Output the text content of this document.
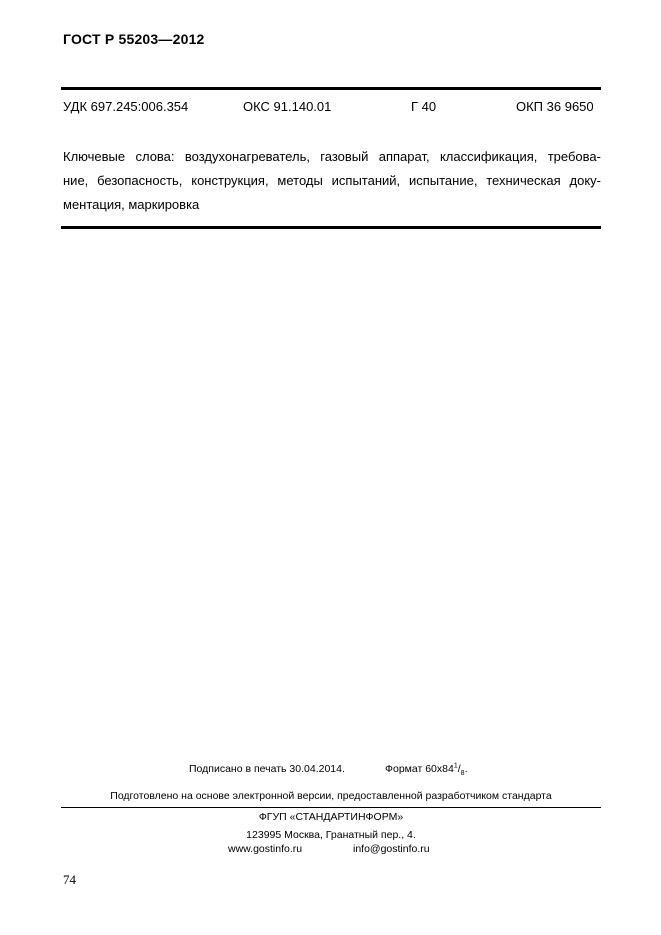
ГОСТ Р 55203—2012
УДК 697.245:006.354	ОКС 91.140.01	Г 40	ОКП 36 9650
Ключевые слова: воздухонагреватель, газовый аппарат, классификация, требова-
ние, безопасность, конструкция, методы испытаний, испытание, техническая доку-
ментация, маркировка
Подписано в печать 30.04.2014.	Формат $60х84^1/_8$.
Подготовлено на основе электронной версии, предоставленной разработчиком стандарта
ФГУП «СТАНДАРТИНФОРМ»
123995 Москва, Гранатный пер., 4.
www.gostinfo.ru	info@gostinfo.ru
74
